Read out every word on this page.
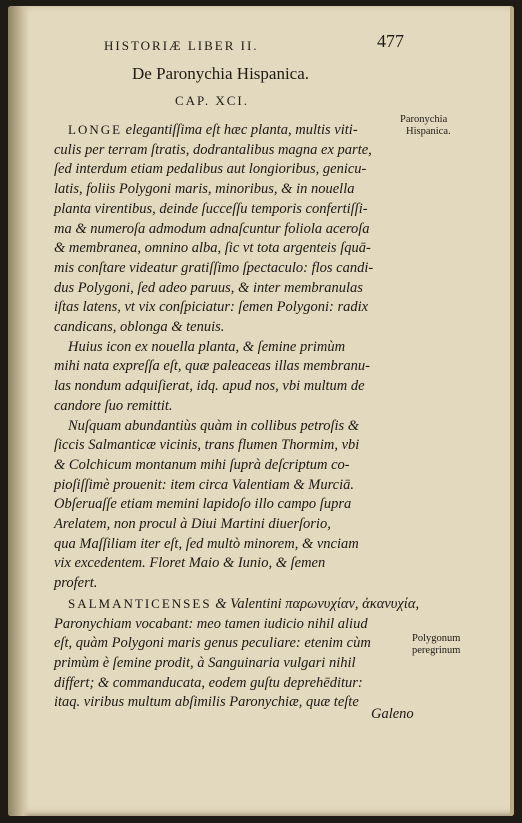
HISTORIÆ LIBER II.	477
De Paronychia Hispanica.
CAP. XCI.
Paronychia
Hispanica.
Polygonum
peregrinum
LONGE elegantiſſima eſt hæc planta, multis viti-
culis per terram ſtratis, dodrantalibus magna ex parte,
ſed interdum etiam pedalibus aut longioribus, genicu-
latis, foliis Polygoni maris, minoribus, & in nouella
planta virentibus, deinde ſucceſſu temporis confertiſſi-
ma & numeroſa admodum adnaſcuntur foliola aceroſa
& membranea, omnino alba, ſic vt tota argenteis ſquā-
mis conſtare videatur gratiſſimo ſpectaculo: flos candi-
dus Polygoni, ſed adeo paruus, & inter membranulas
iſtas latens, vt vix conſpiciatur: ſemen Polygoni: radix
candicans, oblonga & tenuis.
Huius icon ex nouella planta, & ſemine primùm
mihi nata expreſſa eſt, quæ paleaceas illas membranu-
las nondum adquiſierat, idq. apud nos, vbi multum de
candore ſuo remittit.
Nuſquam abundantiùs quàm in collibus petroſis &
ſiccis Salmanticæ vicinis, trans flumen Thormim, vbi
& Colchicum montanum mihi ſuprà deſcriptum co-
pioſiſſimè prouenit: item circa Valentiam & Murciā.
Obſeruaſſe etiam memini lapidoſo illo campo ſupra
Arelatem, non procul à Diui Martini diuerſorio,
qua Maſſiliam iter eſt, ſed multò minorem, & vnciam
vix excedentem. Floret Maio & Iunio, & ſemen
profert.
SALMANTICENSES & Valentini παρωνυχίαν, ἀκανυχία,
Paronychiam vocabant: meo tamen iudicio nihil aliud
eſt, quàm Polygoni maris genus peculiare: etenim cùm
primùm è ſemine prodit, à Sanguinaria vulgari nihil
differt; & commanducata, eodem guſtu deprehēditur:
itaq. viribus multum abſimilis Paronychiæ, quæ teſte
Galeno
